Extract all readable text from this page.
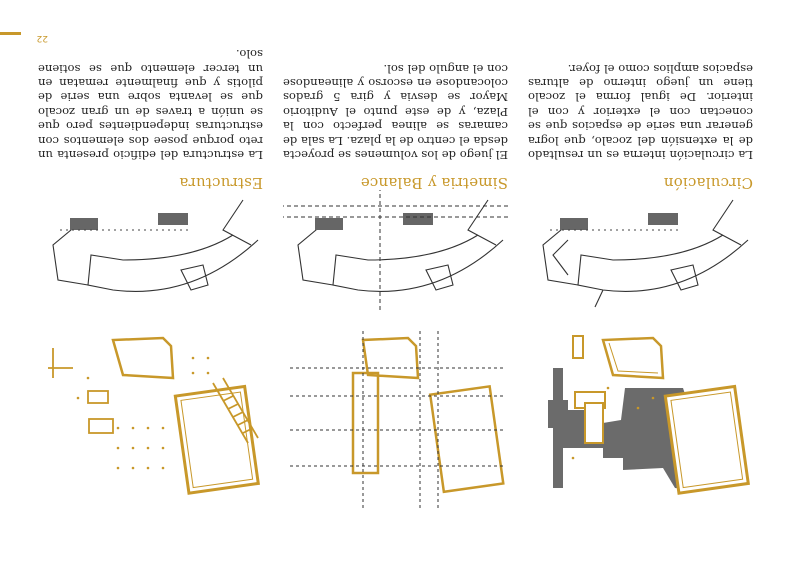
22
Circulación
La circulación interna es un resultado de la extensión del zocalo, que logra generar una serie de espacios que se conectan con el exterior y con el interior. De igual forma el zocalo tiene un juego interno de alturas espacios amplios como el foyer.
Simetria y Balance
El juego de los volumenes se proyecta desda el centro de la plaza. La sala de camaras se alinea perfecto con la Plaza, y de este punto el Auditorio Mayor se desvia y gira 5 grados colocandose en escorso y alineandose con el angulo del sol.
Estructura
La estructura del edificio presenta un reto porque posee dos elementos con estructuras independientes pero que se unión a traves de un gran zocalo que se levanta sobre una serie de pilotis y que finalmente rematan en un tercer elemento que se sotiene solo.
